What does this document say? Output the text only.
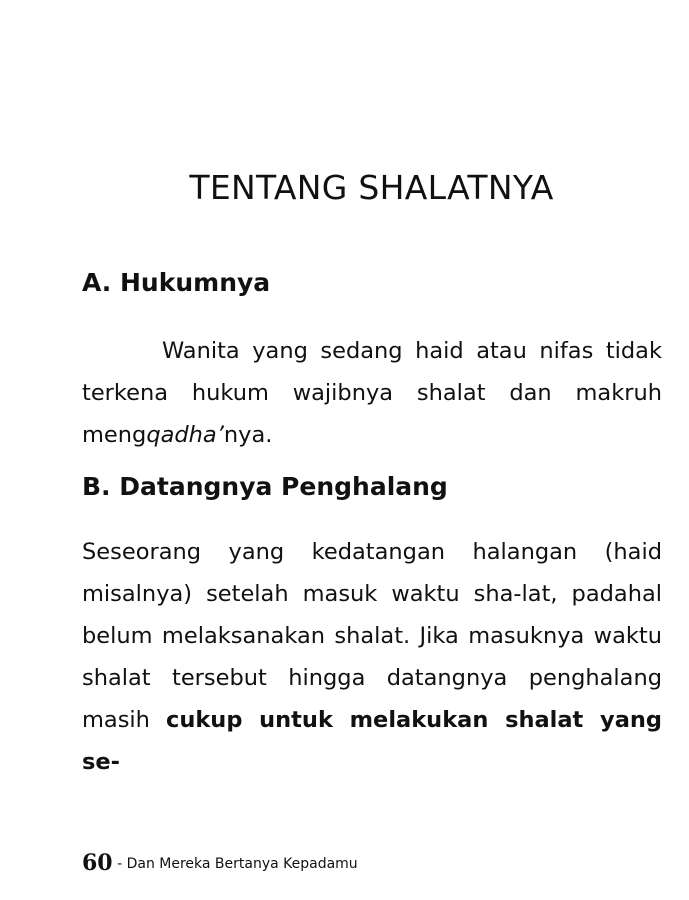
TENTANG SHALATNYA
A. Hukumnya

Wanita yang sedang haid atau nifas tidak terkena hukum wajibnya shalat dan makruh mengqadha’nya.

B. Datangnya Penghalang

Seseorang yang kedatangan halangan (haid misalnya) setelah masuk waktu sha-lat, padahal belum melaksanakan shalat. Jika masuknya waktu shalat tersebut hingga datangnya penghalang masih cukup untuk melakukan shalat yang se-

60 - Dan Mereka Bertanya Kepadamu
